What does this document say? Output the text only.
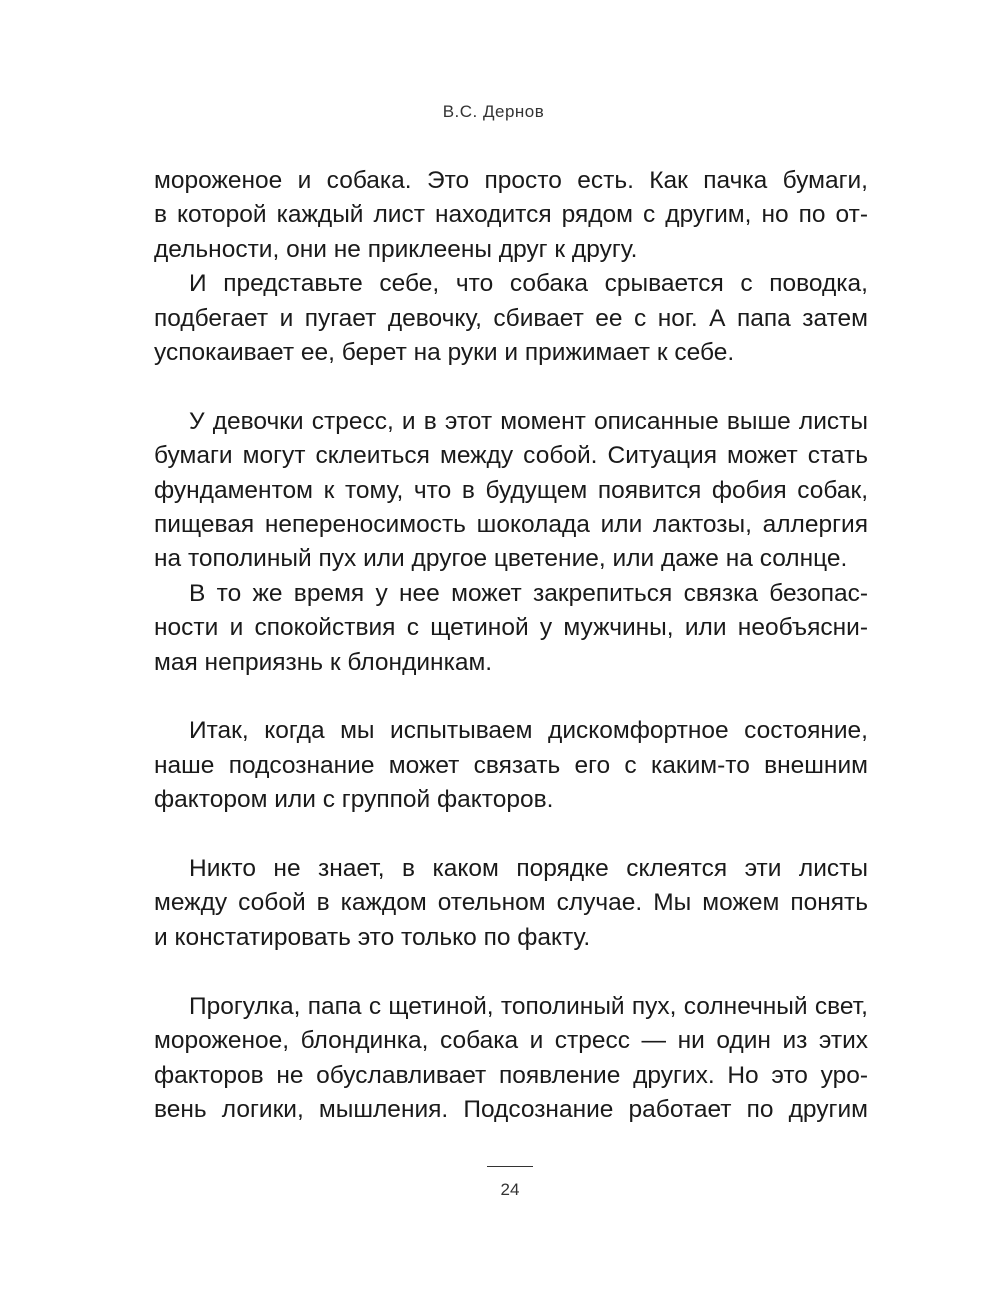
В.С. Дернов

мороженое и собака. Это просто есть. Как пачка бумаги,
в которой каждый лист находится рядом с другим, но по от-
дельности, они не приклеены друг к другу.

И представьте себе, что собака срывается с поводка,
подбегает и пугает девочку, сбивает ее с ног. А папа затем
успокаивает ее, берет на руки и прижимает к себе.

У девочки стресс, и в этот момент описанные выше листы
бумаги могут склеиться между собой. Ситуация может стать
фундаментом к тому, что в будущем появится фобия собак,
пищевая непереносимость шоколада или лактозы, аллергия
на тополиный пух или другое цветение, или даже на солнце.

В то же время у нее может закрепиться связка безопас-
ности и спокойствия с щетиной у мужчины, или необъясни-
мая неприязнь к блондинкам.

Итак, когда мы испытываем дискомфортное состояние,
наше подсознание может связать его с каким-то внешним
фактором или с группой факторов.

Никто не знает, в каком порядке склеятся эти листы
между собой в каждом отельном случае. Мы можем понять
и констатировать это только по факту.

Прогулка, папа с щетиной, тополиный пух, солнечный свет,
мороженое, блондинка, собака и стресс — ни один из этих
факторов не обуславливает появление других. Но это уро-
вень логики, мышления. Подсознание работает по другим

24
